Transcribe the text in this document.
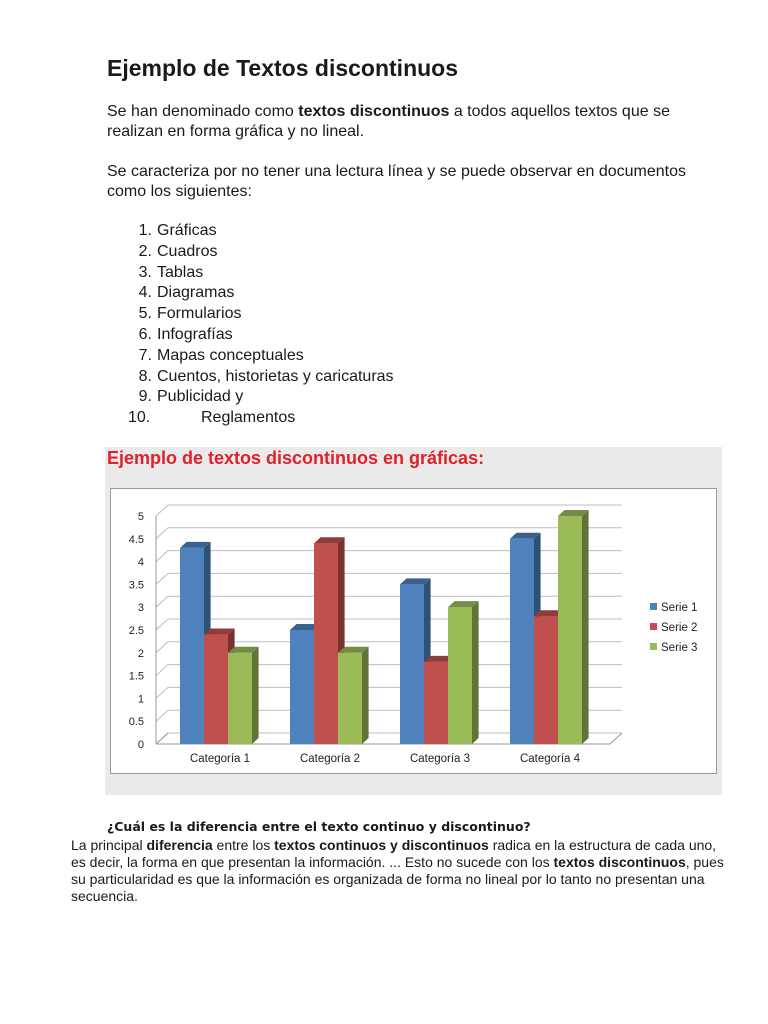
Ejemplo de Textos discontinuos

Se han denominado como textos discontinuos a todos aquellos textos que se realizan en forma gráfica y no lineal.

Se caracteriza por no tener una lectura línea y se puede observar en documentos como los siguientes:

1. Gráficas
2. Cuadros
3. Tablas
4. Diagramas
5. Formularios
6. Infografías
7. Mapas conceptuales
8. Cuentos, historietas y caricaturas
9. Publicidad y
10.	Reglamentos
Ejemplo de textos discontinuos en gráficas:
0
0.5
1
1.5
2
2.5
3
3.5
4
4.5
5
Categoría 1	Categoría 2	Categoría 3	Categoría 4
Serie 1
Serie 2
Serie 3

¿Cuál es la diferencia entre el texto continuo y discontinuo?

La principal diferencia entre los textos continuos y discontinuos radica en la estructura de cada uno, es decir, la forma en que presentan la información. ... Esto no sucede con los textos discontinuos, pues su particularidad es que la información es organizada de forma no lineal por lo tanto no presentan una secuencia.
